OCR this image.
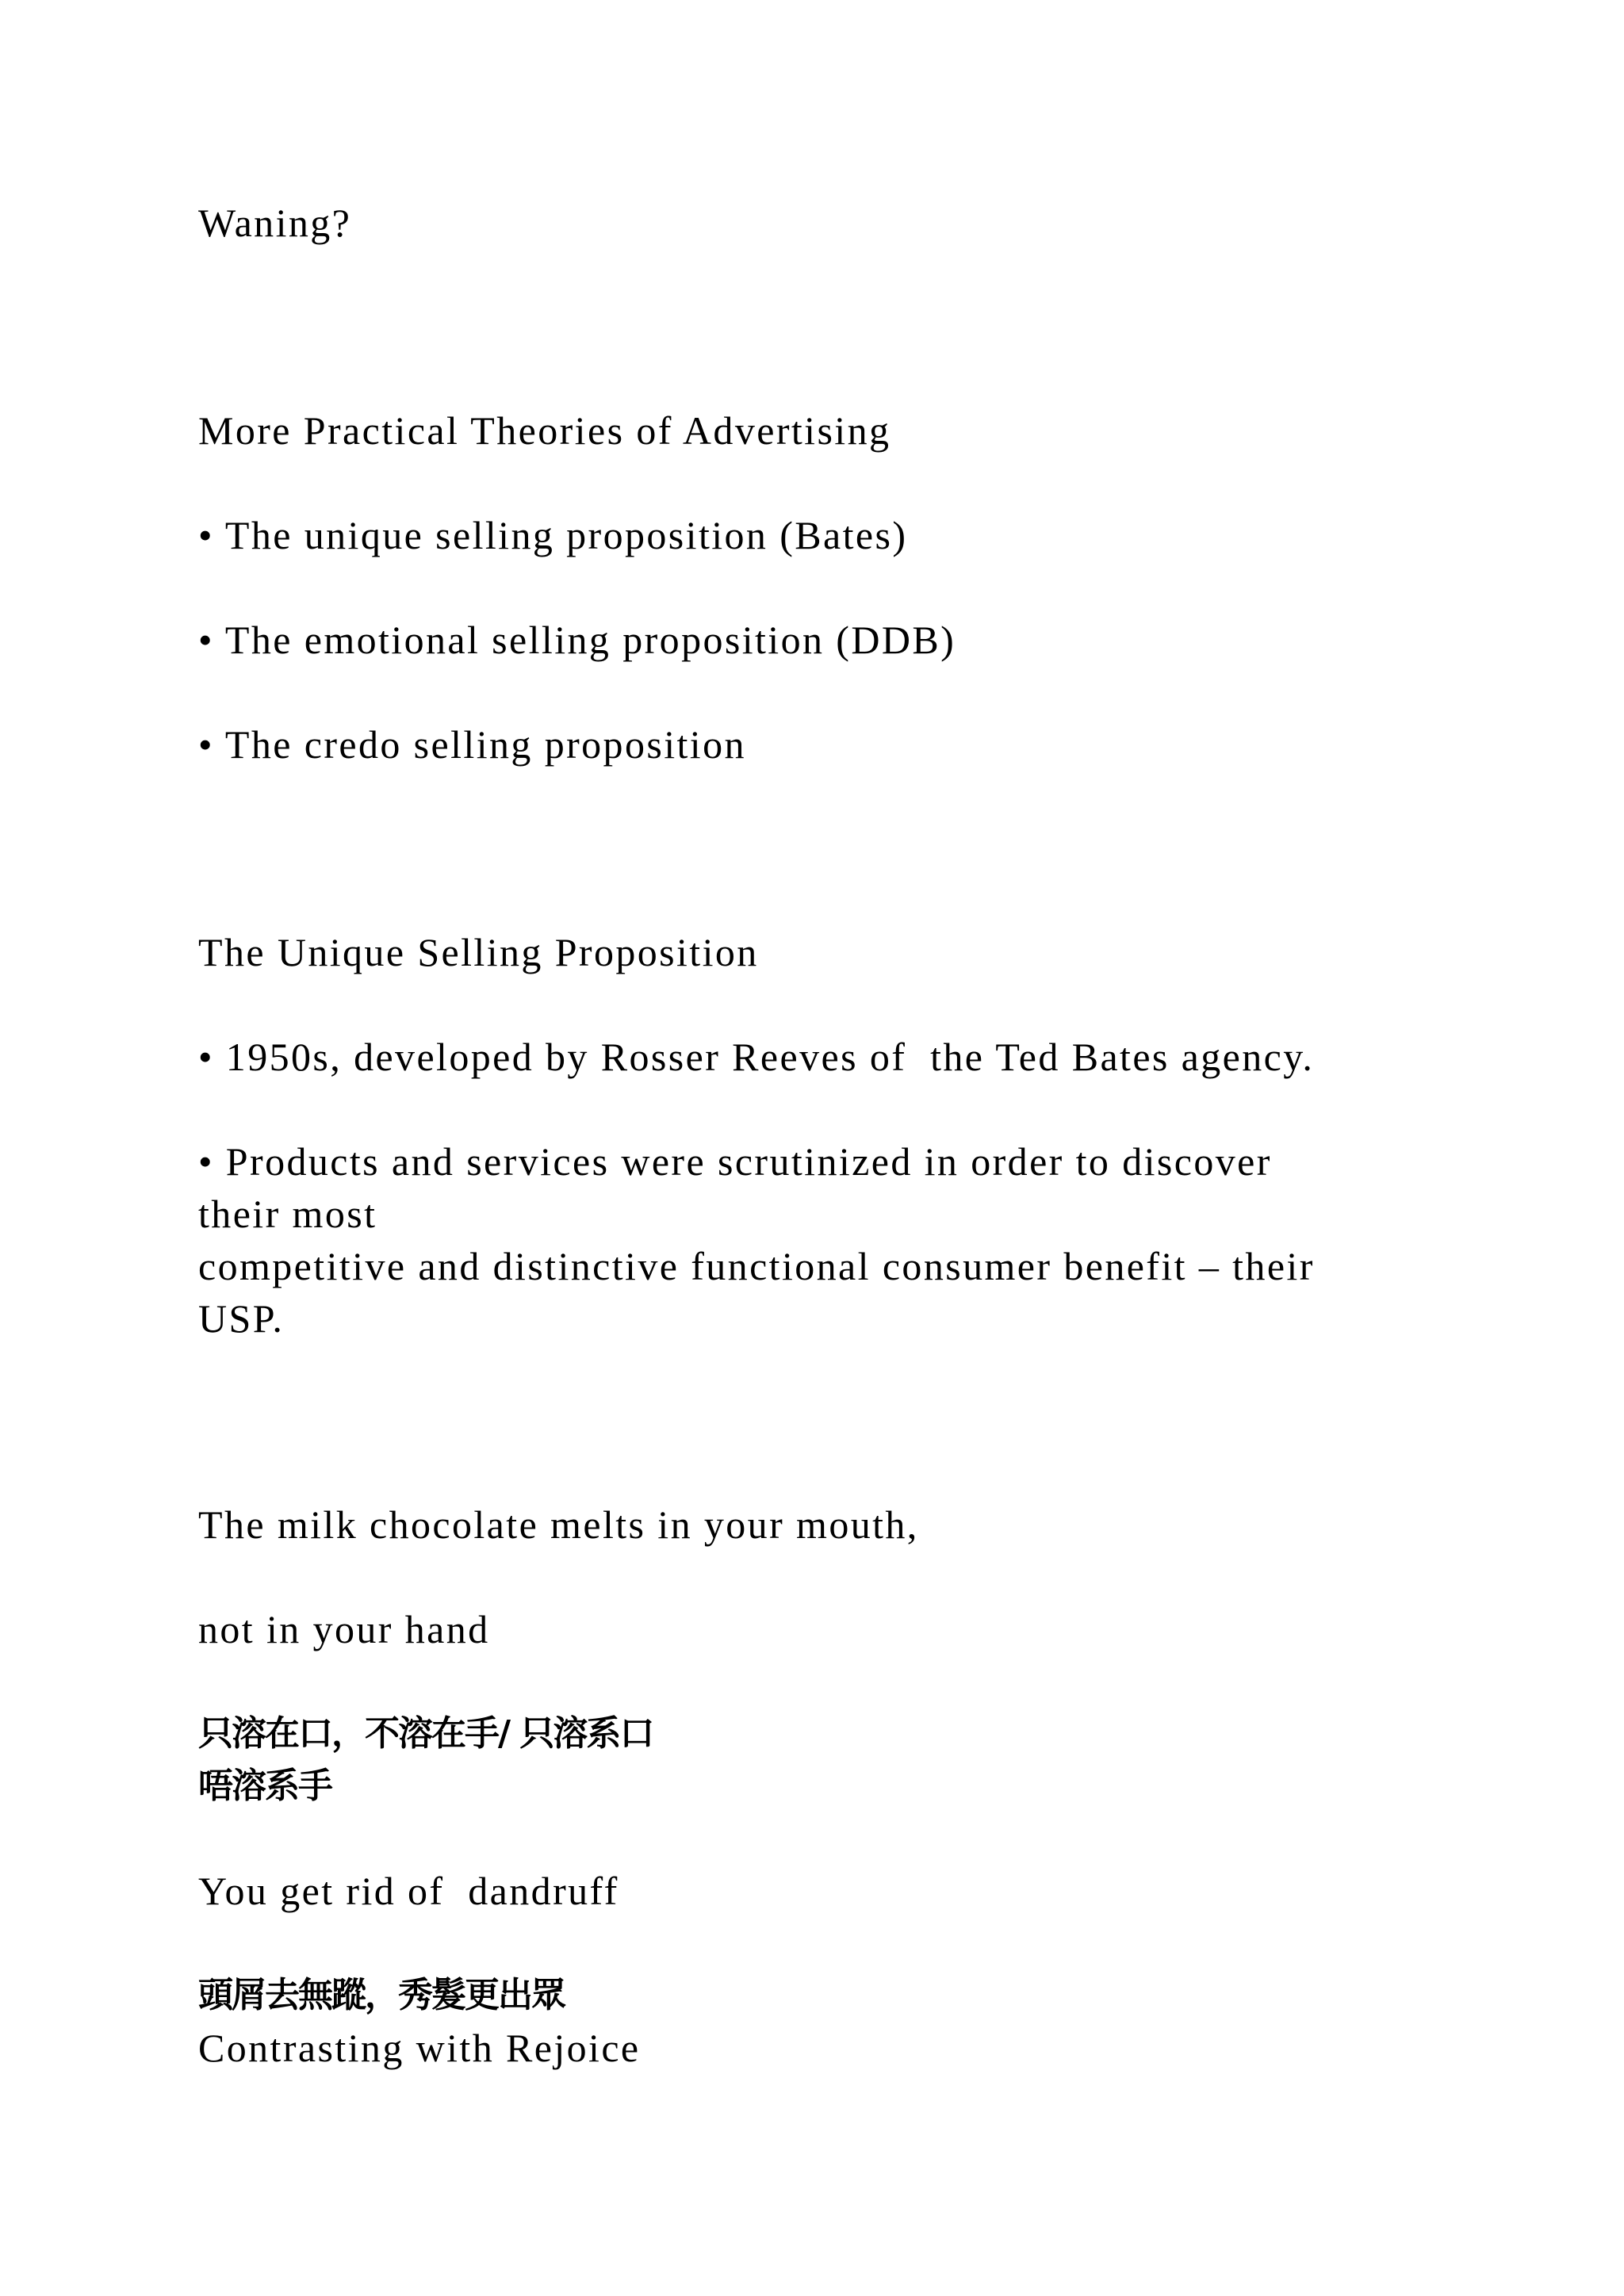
Waning?

More Practical Theories of Advertising

• The unique selling proposition (Bates)

• The emotional selling proposition (DDB)

• The credo selling proposition

The Unique Selling Proposition

• 1950s, developed by Rosser Reeves of  the Ted Bates agency.

• Products and services were scrutinized in order to discover

their most

competitive and distinctive functional consumer benefit – their

USP.

The milk chocolate melts in your mouth,

not in your hand

只溶在口，不溶在手/ 只溶系口

唔溶系手

You get rid of  dandruff

頭屑去無蹤，秀髮更出眾

Contrasting with Rejoice
